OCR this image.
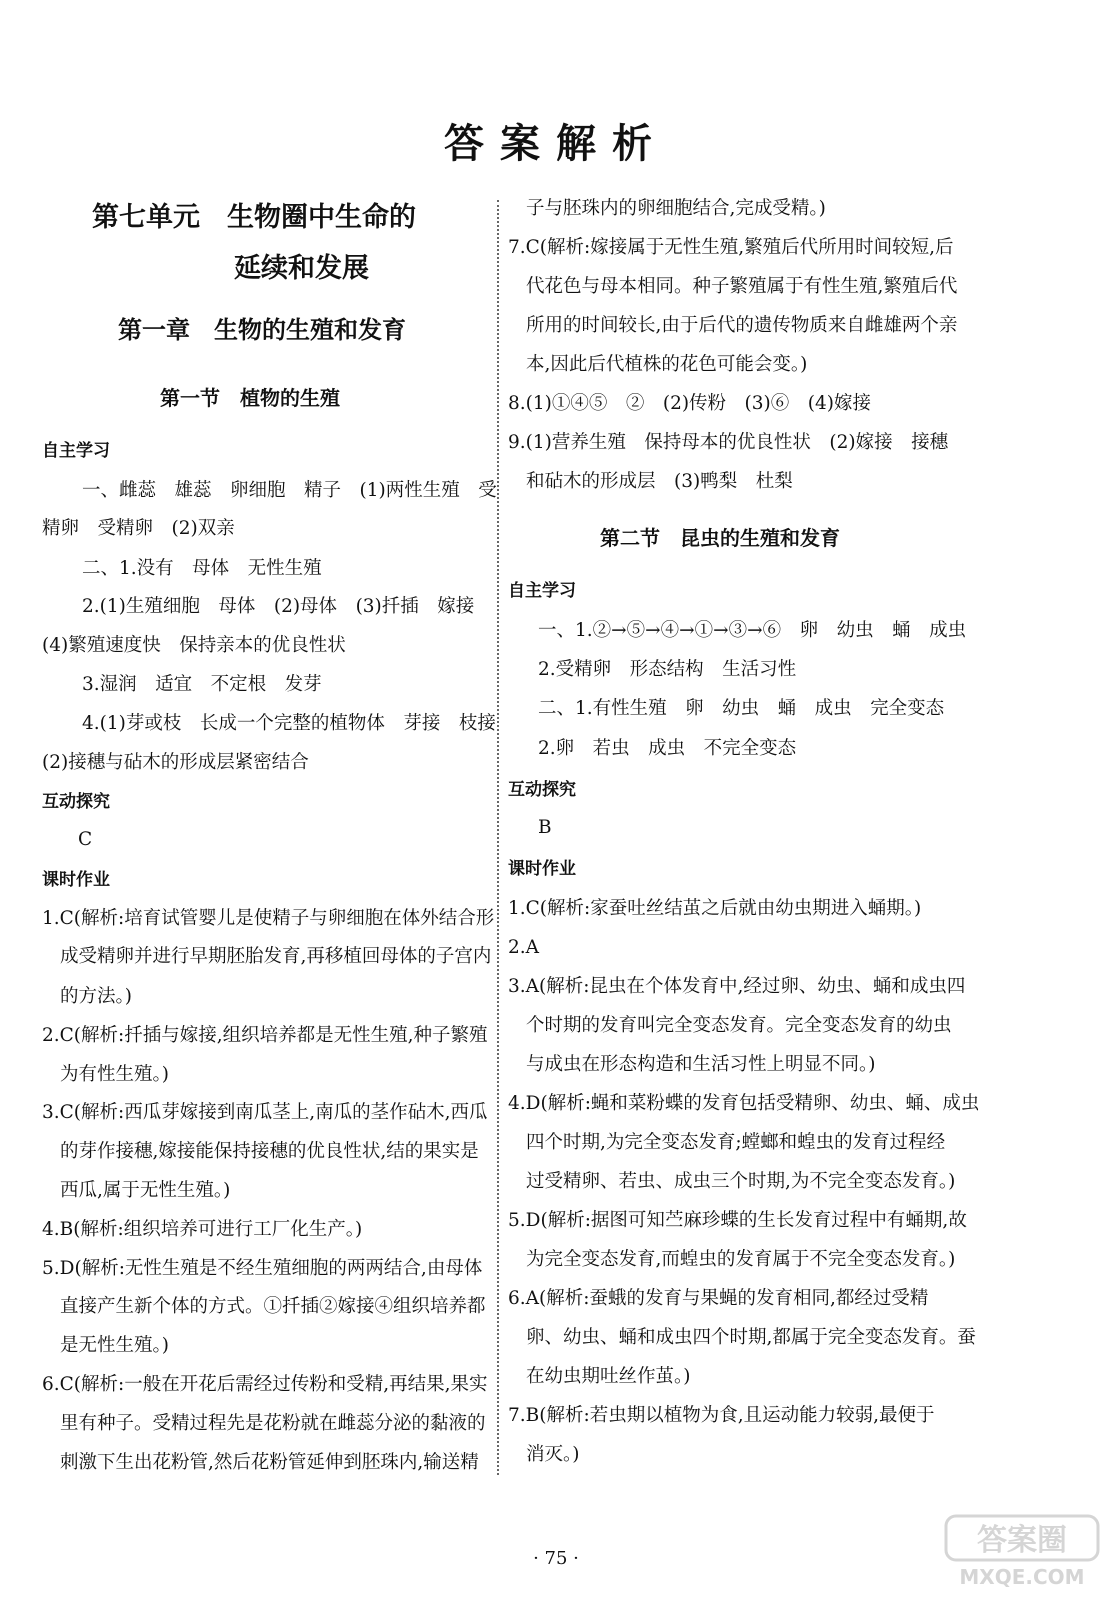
答案解析
第七单元　生物圈中生命的
延续和发展
第一章　生物的生殖和发育
第一节　植物的生殖
自主学习
一、雌蕊　雄蕊　卵细胞　精子　(1)两性生殖　受
精卵　受精卵　(2)双亲
二、1.没有　母体　无性生殖
2.(1)生殖细胞　母体　(2)母体　(3)扦插　嫁接
(4)繁殖速度快　保持亲本的优良性状
3.湿润　适宜　不定根　发芽
4.(1)芽或枝　长成一个完整的植物体　芽接　枝接
(2)接穗与砧木的形成层紧密结合
互动探究
C
课时作业
1.C(解析:培育试管婴儿是使精子与卵细胞在体外结合形
成受精卵并进行早期胚胎发育,再移植回母体的子宫内
的方法。)
2.C(解析:扦插与嫁接,组织培养都是无性生殖,种子繁殖
为有性生殖。)
3.C(解析:西瓜芽嫁接到南瓜茎上,南瓜的茎作砧木,西瓜
的芽作接穗,嫁接能保持接穗的优良性状,结的果实是
西瓜,属于无性生殖。)
4.B(解析:组织培养可进行工厂化生产。)
5.D(解析:无性生殖是不经生殖细胞的两两结合,由母体
直接产生新个体的方式。①扦插②嫁接④组织培养都
是无性生殖。)
6.C(解析:一般在开花后需经过传粉和受精,再结果,果实
里有种子。受精过程先是花粉就在雌蕊分泌的黏液的
刺激下生出花粉管,然后花粉管延伸到胚珠内,输送精
子与胚珠内的卵细胞结合,完成受精。)
7.C(解析:嫁接属于无性生殖,繁殖后代所用时间较短,后
代花色与母本相同。种子繁殖属于有性生殖,繁殖后代
所用的时间较长,由于后代的遗传物质来自雌雄两个亲
本,因此后代植株的花色可能会变。)
8.(1)①④⑤　②　(2)传粉　(3)⑥　(4)嫁接
9.(1)营养生殖　保持母本的优良性状　(2)嫁接　接穗
和砧木的形成层　(3)鸭梨　杜梨
第二节　昆虫的生殖和发育
自主学习
一、1.②→⑤→④→①→③→⑥　卵　幼虫　蛹　成虫
2.受精卵　形态结构　生活习性
二、1.有性生殖　卵　幼虫　蛹　成虫　完全变态
2.卵　若虫　成虫　不完全变态
互动探究
B
课时作业
1.C(解析:家蚕吐丝结茧之后就由幼虫期进入蛹期。)
2.A
3.A(解析:昆虫在个体发育中,经过卵、幼虫、蛹和成虫四
个时期的发育叫完全变态发育。完全变态发育的幼虫
与成虫在形态构造和生活习性上明显不同。)
4.D(解析:蝇和菜粉蝶的发育包括受精卵、幼虫、蛹、成虫
四个时期,为完全变态发育;螳螂和蝗虫的发育过程经
过受精卵、若虫、成虫三个时期,为不完全变态发育。)
5.D(解析:据图可知苎麻珍蝶的生长发育过程中有蛹期,故
为完全变态发育,而蝗虫的发育属于不完全变态发育。)
6.A(解析:蚕蛾的发育与果蝇的发育相同,都经过受精
卵、幼虫、蛹和成虫四个时期,都属于完全变态发育。蚕
在幼虫期吐丝作茧。)
7.B(解析:若虫期以植物为食,且运动能力较弱,最便于
消灭。)
· 75 ·
答案圈
MXQE.COM
